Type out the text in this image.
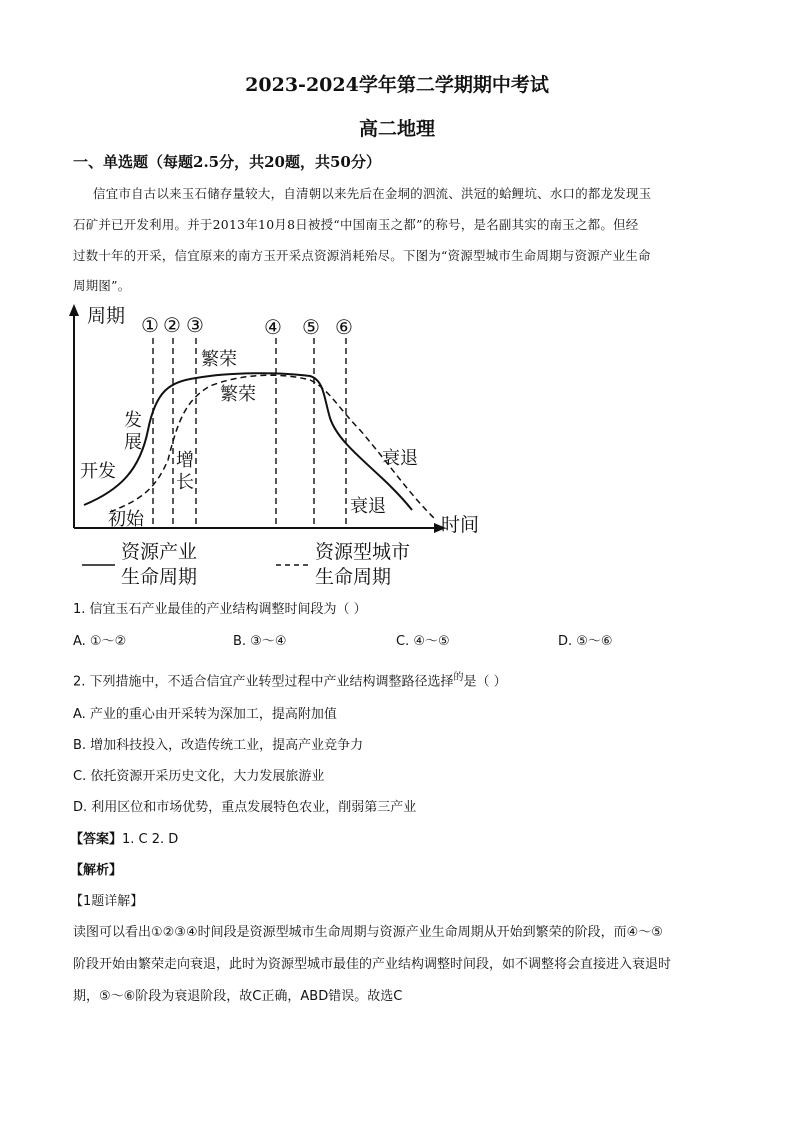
2023-2024学年第二学期期中考试
高二地理
一、单选题（每题2.5分，共20题，共50分）
信宜市自古以来玉石储存量较大，自清朝以来先后在金垌的泗流、洪冠的蛤鲤坑、水口的都龙发现玉
石矿并已开发利用。并于2013年10月8日被授“中国南玉之都”的称号，是名副其实的南玉之都。但经
过数十年的开采，信宜原来的南方玉开采点资源消耗殆尽。下图为“资源型城市生命周期与资源产业生命
周期图”。
周期
时间
① ② ③	④ ⑤ ⑥
发
展
开发
繁荣
衰退
初始
增
长
繁荣
衰退
资源产业
生命周期
资源型城市
生命周期
1. 信宜玉石产业最佳的产业结构调整时间段为（ ）
A. ①～②	B. ③～④	C. ④～⑤	D. ⑤～⑥
2. 下列措施中，不适合信宜产业转型过程中产业结构调整路径选择$^的$是（ ）
A. 产业的重心由开采转为深加工，提高附加值
B. 增加科技投入，改造传统工业，提高产业竞争力
C. 依托资源开采历史文化，大力发展旅游业
D. 利用区位和市场优势，重点发展特色农业，削弱第三产业
【答案】1. C 2. D
【解析】
【1题详解】
读图可以看出①②③④时间段是资源型城市生命周期与资源产业生命周期从开始到繁荣的阶段，而④～⑤
阶段开始由繁荣走向衰退，此时为资源型城市最佳的产业结构调整时间段，如不调整将会直接进入衰退时
期，⑤～⑥阶段为衰退阶段，故C正确，ABD错误。故选C
